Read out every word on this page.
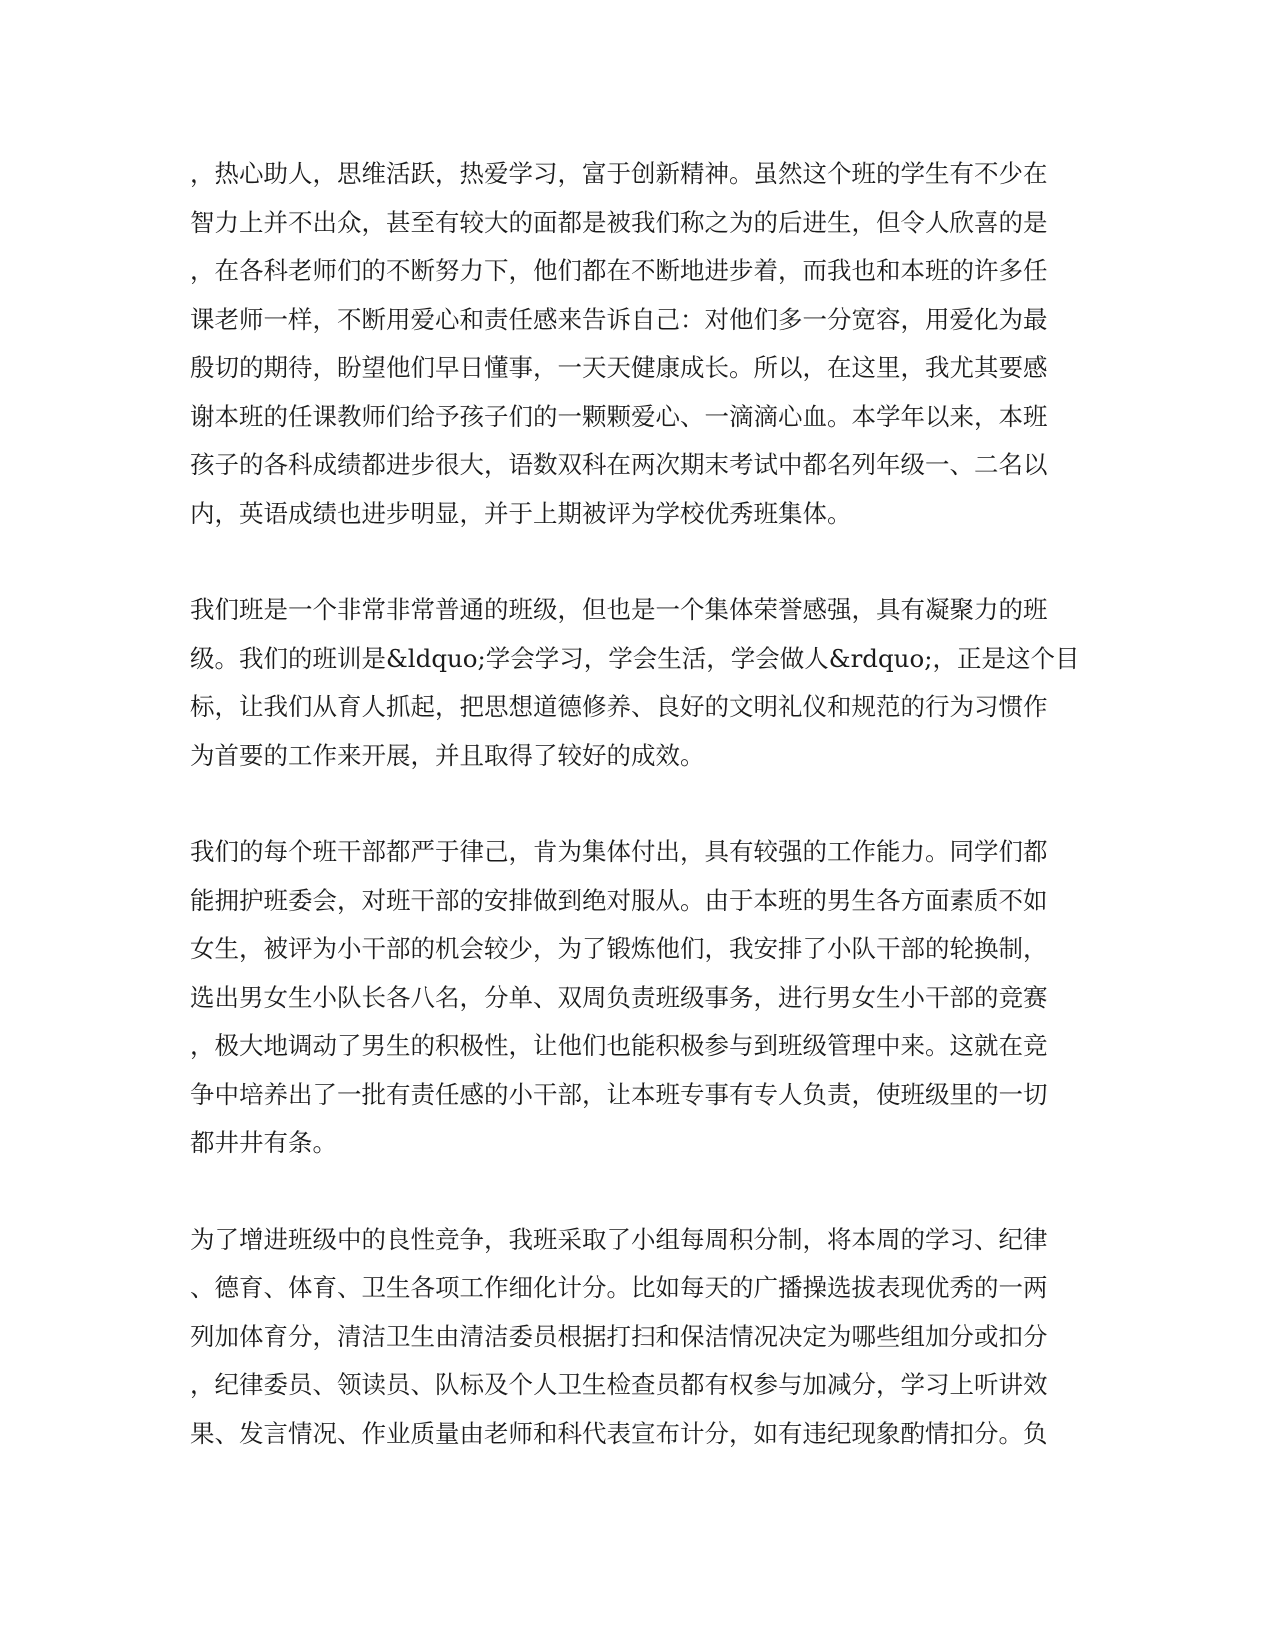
，热心助人，思维活跃，热爱学习，富于创新精神。虽然这个班的学生有不少在
智力上并不出众，甚至有较大的面都是被我们称之为的后进生，但令人欣喜的是
，在各科老师们的不断努力下，他们都在不断地进步着，而我也和本班的许多任
课老师一样，不断用爱心和责任感来告诉自己：对他们多一分宽容，用爱化为最
殷切的期待，盼望他们早日懂事，一天天健康成长。所以，在这里，我尤其要感
谢本班的任课教师们给予孩子们的一颗颗爱心、一滴滴心血。本学年以来，本班
孩子的各科成绩都进步很大，语数双科在两次期末考试中都名列年级一、二名以
内，英语成绩也进步明显，并于上期被评为学校优秀班集体。
我们班是一个非常非常普通的班级，但也是一个集体荣誉感强，具有凝聚力的班
级。我们的班训是&ldquo;学会学习，学会生活，学会做人&rdquo;，正是这个目
标，让我们从育人抓起，把思想道德修养、良好的文明礼仪和规范的行为习惯作
为首要的工作来开展，并且取得了较好的成效。
我们的每个班干部都严于律己，肯为集体付出，具有较强的工作能力。同学们都
能拥护班委会，对班干部的安排做到绝对服从。由于本班的男生各方面素质不如
女生，被评为小干部的机会较少，为了锻炼他们，我安排了小队干部的轮换制，
选出男女生小队长各八名，分单、双周负责班级事务，进行男女生小干部的竞赛
，极大地调动了男生的积极性，让他们也能积极参与到班级管理中来。这就在竞
争中培养出了一批有责任感的小干部，让本班专事有专人负责，使班级里的一切
都井井有条。
为了增进班级中的良性竞争，我班采取了小组每周积分制，将本周的学习、纪律
、德育、体育、卫生各项工作细化计分。比如每天的广播操选拔表现优秀的一两
列加体育分，清洁卫生由清洁委员根据打扫和保洁情况决定为哪些组加分或扣分
，纪律委员、领读员、队标及个人卫生检查员都有权参与加减分，学习上听讲效
果、发言情况、作业质量由老师和科代表宣布计分，如有违纪现象酌情扣分。负
